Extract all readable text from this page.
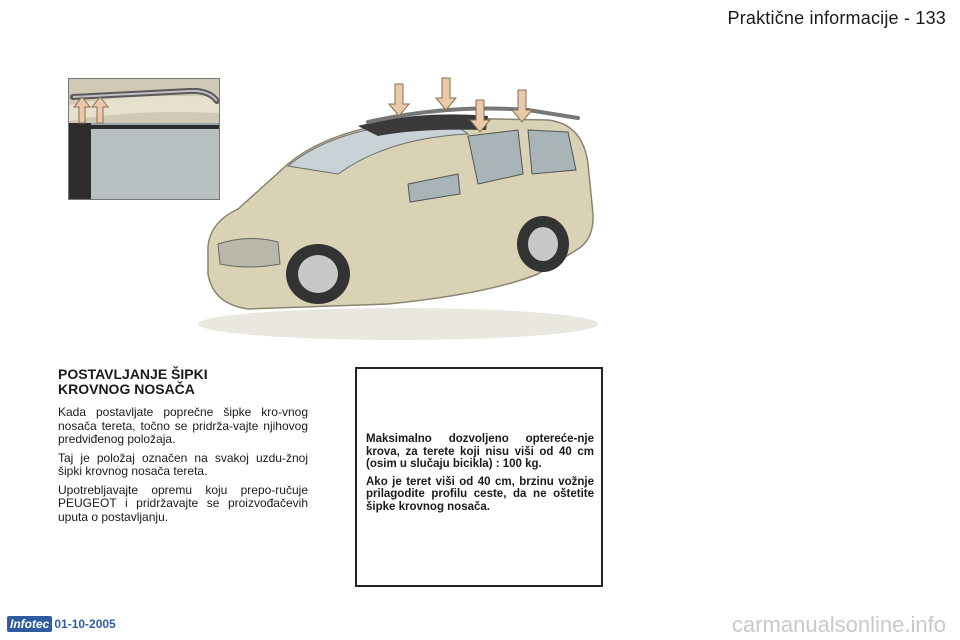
Praktične informacije - 133
POSTAVLJANJE ŠIPKI
KROVNOG NOSAČA

Kada postavljate poprečne šipke kro-vnog nosača tereta, točno se pridrža-vajte njihovog predviđenog položaja.

Taj je položaj označen na svakoj uzdu-žnoj šipki krovnog nosača tereta.

Upotrebljavajte opremu koju prepo-ručuje PEUGEOT i pridržavajte se proizvođačevih uputa o postavljanju.

Maksimalno dozvoljeno optereće-nje krova, za terete koji nisu viši od 40 cm (osim u slučaju bicikla) : 100 kg.

Ako je teret viši od 40 cm, brzinu vožnje prilagodite profilu ceste, da ne oštetite šipke krovnog nosača.

Infotec 01-10-2005	carmanualsonline.info
